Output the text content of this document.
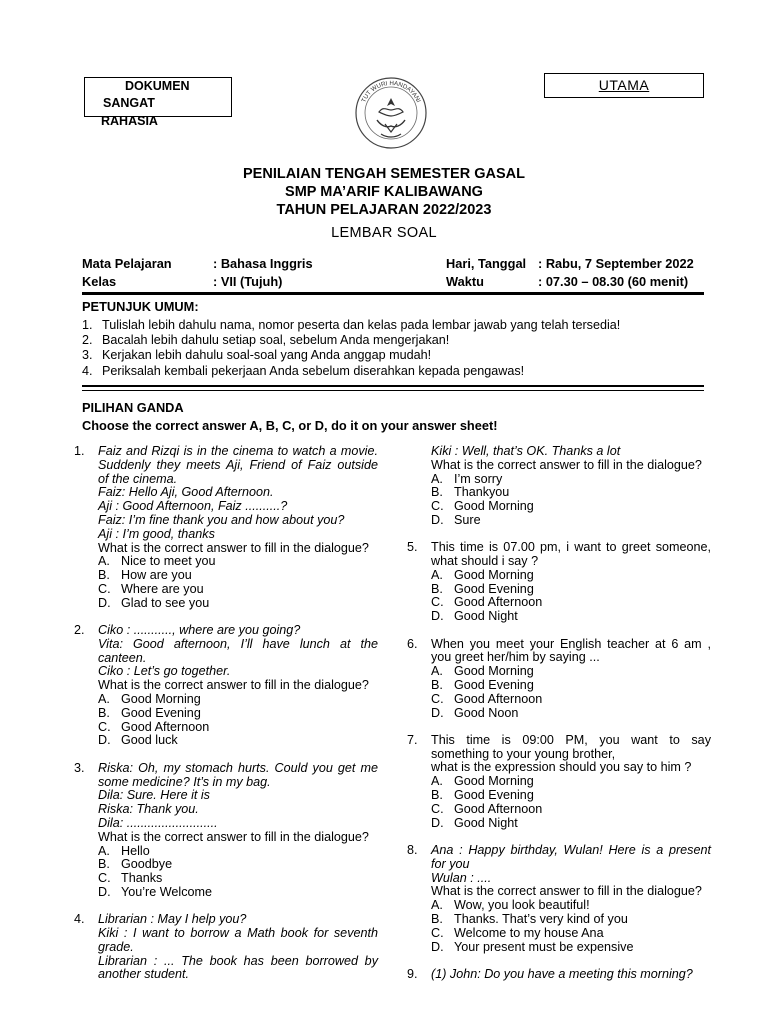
DOKUMEN
SANGAT
RAHASIA
TUT WURI HANDAYANI
UTAMA
PENILAIAN TENGAH SEMESTER GASAL
SMP MA’ARIF KALIBAWANG
TAHUN PELAJARAN 2022/2023
LEMBAR SOAL
Mata Pelajaran	: Bahasa Inggris
Kelas	: VII (Tujuh)
Hari, Tanggal : Rabu, 7 September 2022
Waktu	: 07.30 – 08.30 (60 menit)
PETUNJUK UMUM:
1. Tulislah lebih dahulu nama, nomor peserta dan kelas pada lembar jawab yang telah tersedia!
2. Bacalah lebih dahulu setiap soal, sebelum Anda mengerjakan!
3. Kerjakan lebih dahulu soal-soal yang Anda anggap mudah!
4. Periksalah kembali pekerjaan Anda sebelum diserahkan kepada pengawas!
PILIHAN GANDA
Choose the correct answer A, B, C, or D, do it on your answer sheet!
1. Faiz and Rizqi is in the cinema to watch a movie.
Suddenly they meets Aji, Friend of Faiz outside
of the cinema.
Faiz: Hello Aji, Good Afternoon.
Aji : Good Afternoon, Faiz ..........?
Faiz: I’m fine thank you and how about you?
Aji : I’m good, thanks
What is the correct answer to fill in the dialogue?
A. Nice to meet you
B. How are you
C. Where are you
D. Glad to see you
2. Ciko : ..........., where are you going?
Vita: Good afternoon, I’ll have lunch at the
canteen.
Ciko : Let’s go together.
What is the correct answer to fill in the dialogue?
A. Good Morning
B. Good Evening
C. Good Afternoon
D. Good luck
3. Riska: Oh, my stomach hurts. Could you get me
some medicine? It’s in my bag.
Dila: Sure. Here it is
Riska: Thank you.
Dila: ..........................
What is the correct answer to fill in the dialogue?
A. Hello
B. Goodbye
C. Thanks
D. You’re Welcome
4. Librarian : May I help you?
Kiki : I want to borrow a Math book for seventh
grade.
Librarian : ... The book has been borrowed by
another student.
Kiki : Well, that’s OK. Thanks a lot
What is the correct answer to fill in the dialogue?
A. I’m sorry
B. Thankyou
C. Good Morning
D. Sure
5. This time is 07.00 pm, i want to greet someone,
what should i say ?
A. Good Morning
B. Good Evening
C. Good Afternoon
D. Good Night
6. When you meet your English teacher at 6 am ,
you greet her/him by saying ...
A. Good Morning
B. Good Evening
C. Good Afternoon
D. Good Noon
7. This time is 09:00 PM, you want to say
something to your young brother,
what is the expression should you say to him ?
A. Good Morning
B. Good Evening
C. Good Afternoon
D. Good Night
8. Ana : Happy birthday, Wulan! Here is a present
for you
Wulan : ....
What is the correct answer to fill in the dialogue?
A. Wow, you look beautiful!
B. Thanks. That’s very kind of you
C. Welcome to my house Ana
D. Your present must be expensive
9. (1) John: Do you have a meeting this morning?
